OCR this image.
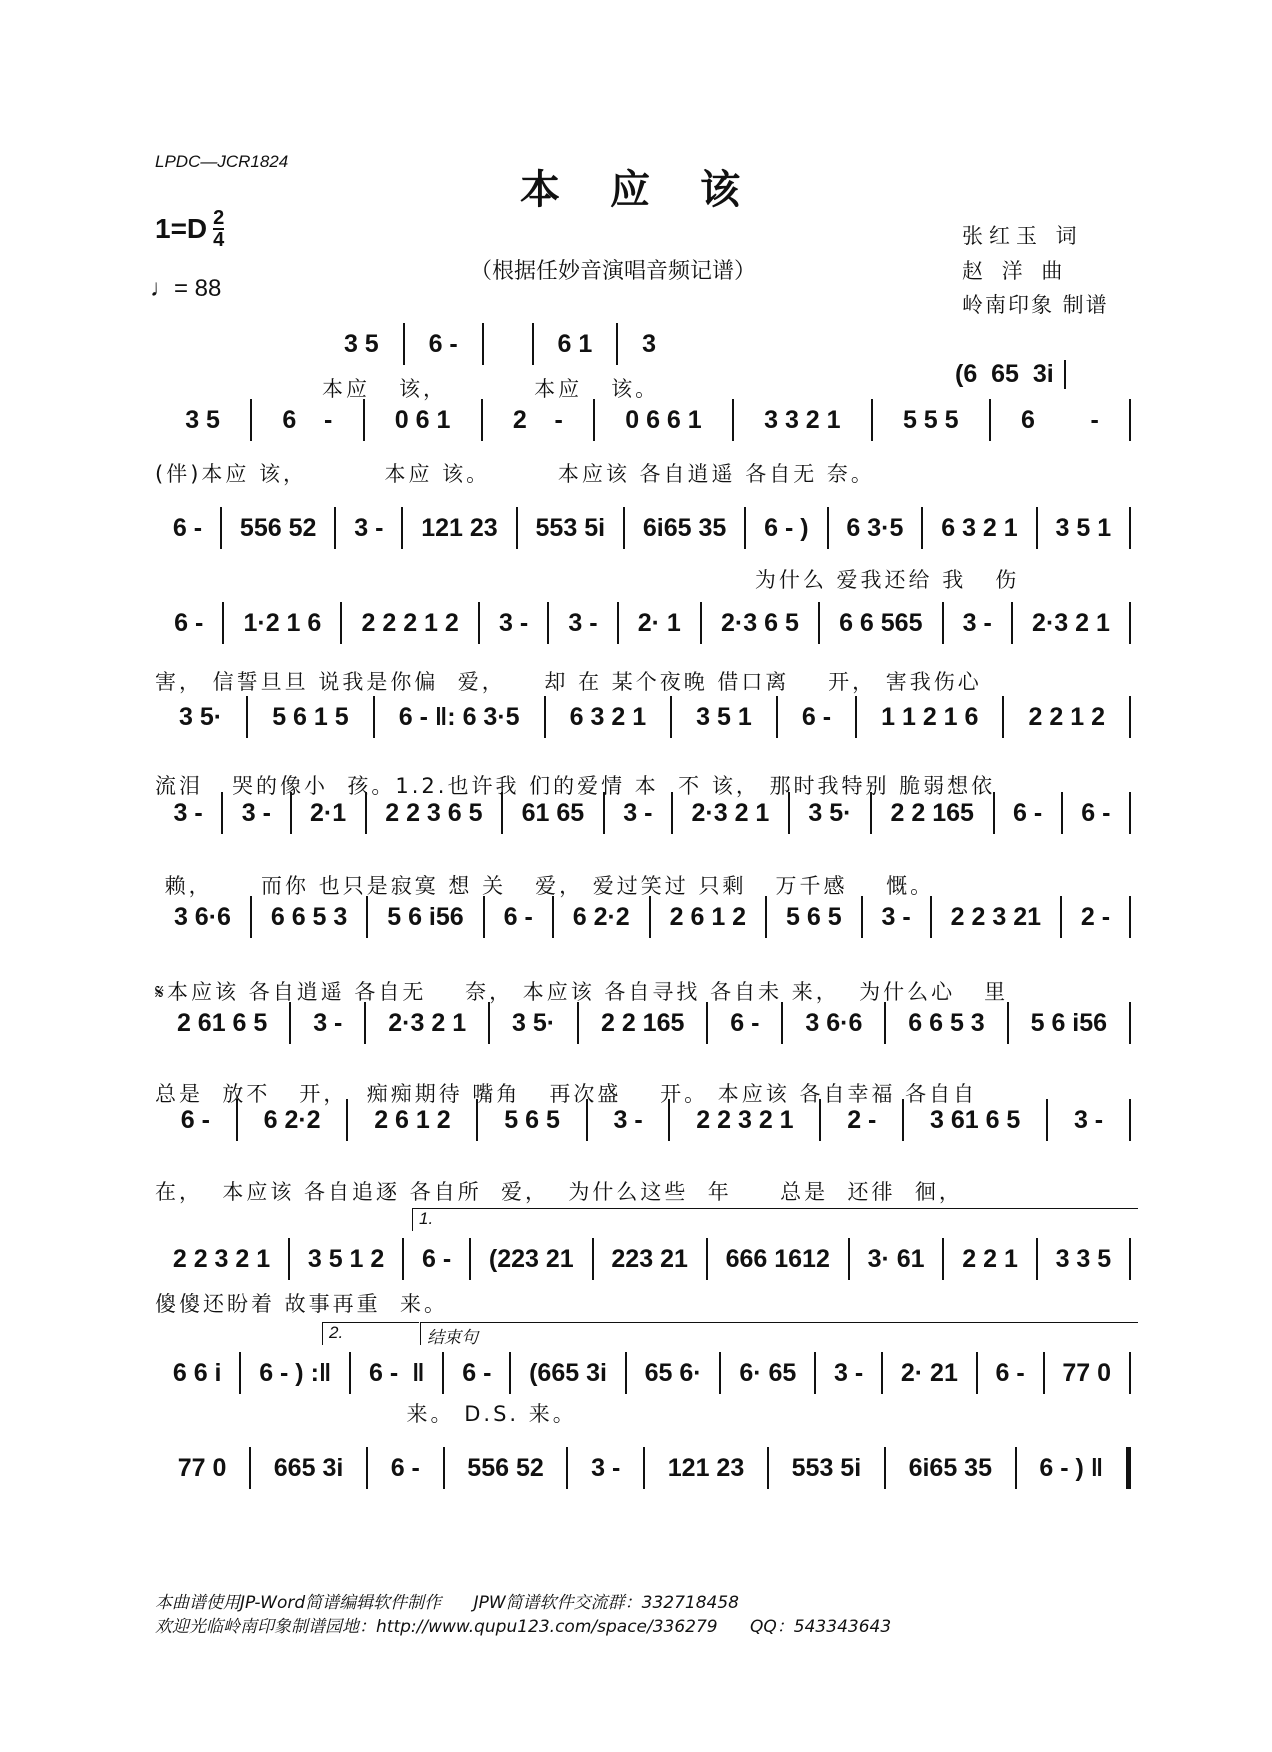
LPDC—JCR1824
本应该
$1=D \frac{2}{4}$
♩= 88
（根据任妙音演唱音频记谱）
张红玉 词
赵 洋 曲
岭南印象 制谱
3 5	6 -	6 1	3
本应   该，         本应   该。
(6  65  3i
3 5	6    -	0 6 1	2    -	0 6 6 1	3 3 2 1	5 5 5	6        -
(伴)本应 该，        本应 该。       本应该 各自逍遥 各自无 奈。
6 -	556 52	3 -	121 23	553 5i	6i65 35	6 - )	6 3·5	6 3 2 1	3 5 1
为什么 爱我还给 我   伤
6 -	1·2 1 6	2 2 2 1 2	3 -	3 -	2· 1	2·3 6 5	6 6 565	3 -	2·3 2 1
害， 信誓旦旦 说我是你偏  爱，    却 在 某个夜晚 借口离    开， 害我伤心
3 5·	5 6 1 5	6 - ‖: 6 3·5	6 3 2 1	3 5 1	6 -	1 1 2 1 6	2 2 1 2
流泪   哭的像小  孩。1.2.也许我 们的爱情 本  不 该， 那时我特别 脆弱想依
3 -	3 -	2·1	2 2 3 6 5	61 65	3 -	2·3 2 1	3 5·	2 2 165	6 -	6 -
赖，     而你 也只是寂寞 想 关   爱， 爱过笑过 只剩   万千感    慨。
3 6·6	6 6 5 3	5 6 i56	6 -	6 2·2	2 6 1 2	5 6 5	3 -	2 2 3 21	2 -
𝄋本应该 各自逍遥 各自无    奈， 本应该 各自寻找 各自未 来，  为什么心   里
2 61 6 5	3 -	2·3 2 1	3 5·	2 2 165	6 -	3 6·6	6 6 5 3	5 6 i56
总是  放不   开，  痴痴期待 嘴角   再次盛    开。 本应该 各自幸福 各自自
6 -	6 2·2	2 6 1 2	5 6 5	3 -	2 2 3 2 1	2 -	3 61 6 5	3 -
在，  本应该 各自追逐 各自所  爱，  为什么这些  年     总是  还徘  徊，
2 2 3 2 1	3 5 1 2	6 -	(223 21	223 21	666 1612	3· 61	2 2 1	3 3 5
傻傻还盼着 故事再重  来。
6 6 i	6 - ) :‖	6 -  ‖	6 -	(665 3i	65 6·	6· 65	3 -	2· 21	6 -	77 0
来。 D.S. 来。
77 0	665 3i	6 -	556 52	3 -	121 23	553 5i	6i65 35	6 - ) ‖
1.
2.	结束句
本曲谱使用JP-Word简谱编辑软件制作      JPW简谱软件交流群：332718458
欢迎光临岭南印象制谱园地：http://www.qupu123.com/space/336279      QQ：543343643
